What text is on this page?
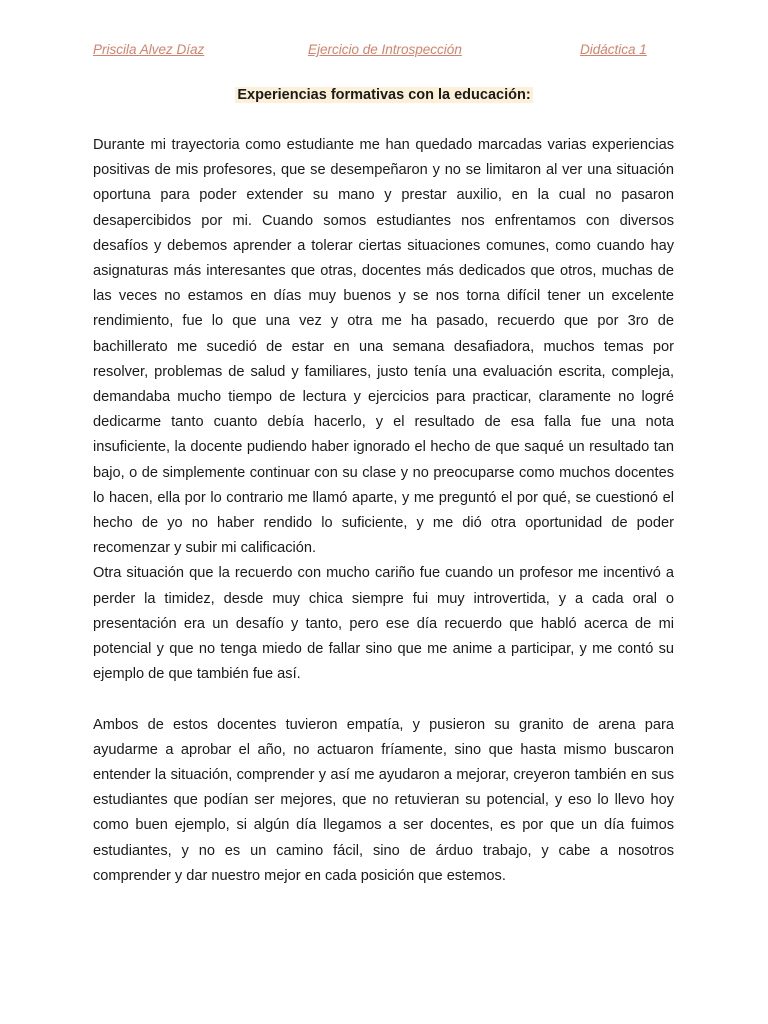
Priscila Alvez Díaz	Ejercicio de Introspección	Didáctica 1
Experiencias formativas con la educación:

Durante mi trayectoria como estudiante me han quedado marcadas varias experiencias positivas de mis profesores, que se desempeñaron y no se limitaron al ver una situación oportuna para poder extender su mano y prestar auxilio, en la cual no pasaron desapercibidos por mi. Cuando somos estudiantes nos enfrentamos con diversos desafíos y debemos aprender a tolerar ciertas situaciones comunes, como cuando hay asignaturas más interesantes que otras, docentes más dedicados que otros, muchas de las veces no estamos en días muy buenos y se nos torna difícil tener un excelente rendimiento, fue lo que una vez y otra me ha pasado, recuerdo que por 3ro de bachillerato me sucedió de estar en una semana desafiadora, muchos temas por resolver, problemas de salud y familiares, justo tenía una evaluación escrita, compleja, demandaba mucho tiempo de lectura y ejercicios para practicar, claramente no logré dedicarme tanto cuanto debía hacerlo, y el resultado de esa falla fue una nota insuficiente, la docente pudiendo haber ignorado el hecho de que saqué un resultado tan bajo, o de simplemente continuar con su clase y no preocuparse como muchos docentes lo hacen, ella por lo contrario me llamó aparte, y me preguntó el por qué, se cuestionó el hecho de yo no haber rendido lo suficiente, y me dió otra oportunidad de poder recomenzar y subir mi calificación.

Otra situación que la recuerdo con mucho cariño fue cuando un profesor me incentivó a perder la timidez, desde muy chica siempre fui muy introvertida, y a cada oral o presentación era un desafío y tanto, pero ese día recuerdo que habló acerca de mi potencial y que no tenga miedo de fallar sino que me anime a participar, y me contó su ejemplo de que también fue así.

Ambos de estos docentes tuvieron empatía, y pusieron su granito de arena para ayudarme a aprobar el año, no actuaron fríamente, sino que hasta mismo buscaron entender la situación, comprender y así me ayudaron a mejorar, creyeron también en sus estudiantes que podían ser mejores, que no retuvieran su potencial, y eso lo llevo hoy como buen ejemplo, si algún día llegamos a ser docentes, es por que un día fuimos estudiantes, y no es un camino fácil, sino de árduo trabajo, y cabe a nosotros comprender y dar nuestro mejor en cada posición que estemos.
